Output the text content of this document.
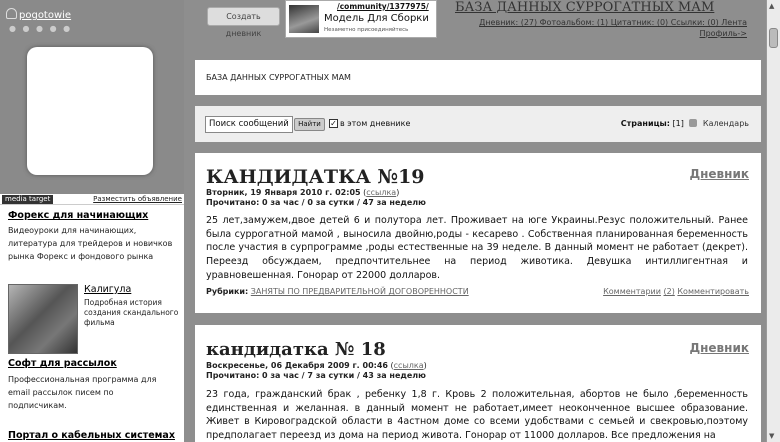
pogotowie
● ● ● ● ●
media target	Разместить объявление
Форекс для начинающих
Видеоуроки для начинающих, литература для трейдеров и новичков рынка Форекс и фондового рынка
Калигула
Подробная история создания скандального фильма
Софт для рассылок
Профессиональная программа для email рассылок писем по подписчикам.
Портал о кабельных системах
Создать дневник
/community/1377975/
Модель Для Сборки
Незаметно присоединяйтесь
БАЗА ДАННЫХ СУРРОГАТНЫХ МАМ
Дневник: (27) Фотоальбом: (1) Цитатник: (0) Ссылки: (0) Лента
Профиль->
БАЗА ДАННЫХ СУРРОГАТНЫХ МАМ
Поиск сообщений	Найти	✓ в этом дневнике	Страницы: [1] Календарь
КАНДИДАТКА №19	Дневник
Вторник, 19 Января 2010 г. 02:05 (ссылка)
Прочитано: 0 за час / 0 за сутки / 47 за неделю
25 лет,замужем,двое детей 6 и полутора лет. Проживает на юге Украины.Резус положительный. Ранее была суррогатной мамой , выносила двойню,роды - кесарево . Собственная планированная беременность после участия в сурпрограмме ,роды естественные на 39 неделе. В данный момент не работает (декрет). Переезд обсуждаем, предпочтительнее на период животика. Девушка интиллигентная и уравновешенная. Гонорар от 22000 долларов.
Рубрики: ЗАНЯТЫ ПО ПРЕДВАРИТЕЛЬНОЙ ДОГОВОРЕННОСТИ	Комментарии (2) Комментировать
кандидатка № 18	Дневник
Воскресенье, 06 Декабря 2009 г. 00:46 (ссылка)
Прочитано: 0 за час / 7 за сутки / 43 за неделю
23 года, гражданский брак , ребенку 1,8 г. Кровь 2 положительная, абортов не было ,беременность единственная и желанная. в данный момент не работает,имеет неоконченное высшее образование. Живет в Кировоградской области в 4астном доме со всеми удобствами с семьей и свекровью,поэтому предполагает переезд из дома на период живота. Гонорар от 11000 долларов. Все предложения на
▲
▼
